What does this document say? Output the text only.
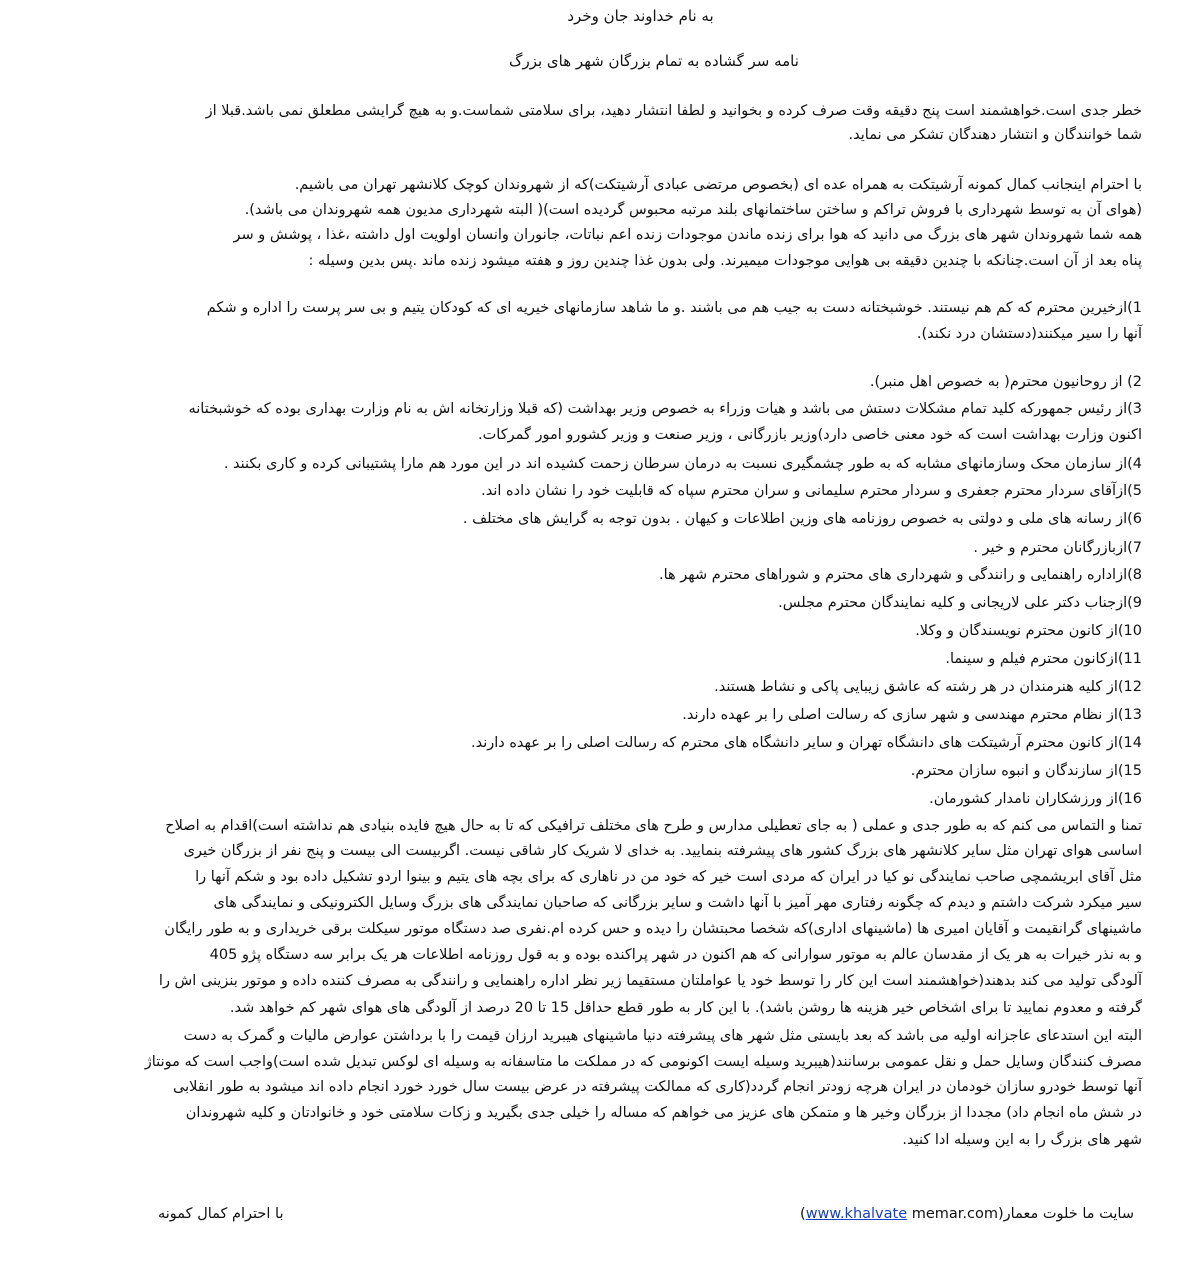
به نام خداوند جان وخرد
نامه سر گشاده به تمام بزرگان شهر های بزرگ
خطر جدی است.خواهشمند است پنج دقیقه وقت صرف کرده و بخوانید و لطفا انتشار دهید، برای سلامتی شماست.و به هیچ گرایشی مطعلق نمی باشد.قبلا از
شما خوانندگان و انتشار دهندگان تشکر می نماید.
با احترام اینجانب کمال کمونه آرشیتکت به همراه عده ای (بخصوص مرتضی عبادی آرشیتکت)که از شهروندان کوچک کلانشهر تهران می باشیم.
(هوای آن به توسط شهرداری با فروش تراکم و ساختن ساختمانهای بلند مرتبه محبوس گردیده است)( البته شهرداری مدیون همه شهروندان می باشد).
همه شما شهروندان شهر های بزرگ می دانید که هوا برای زنده ماندن موجودات زنده اعم نباتات، جانوران وانسان اولویت اول داشته ،غذا ، پوشش و سر
پناه بعد از آن است.چنانکه با چندین دقیقه بی هوایی موجودات میمیرند. ولی بدون غذا چندین روز و هفته میشود زنده ماند .پس بدین وسیله :
1)ازخیرین محترم که کم هم نیستند. خوشبختانه دست به جیب هم می باشند .و ما شاهد سازمانهای خیریه ای که کودکان یتیم و بی سر پرست را اداره و شکم
آنها را سیر میکنند(دستشان درد نکند).
2) از روحانیون محترم( به خصوص اهل منبر).
3)از رئیس جمهورکه کلید تمام مشکلات دستش می باشد و هیات وزراء به خصوص وزیر بهداشت (که قبلا وزارتخانه اش به نام وزارت بهداری بوده که خوشبختانه
اکنون وزارت بهداشت است که خود معنی خاصی دارد)وزیر بازرگانی ، وزیر صنعت و وزیر کشورو امور گمرکات.
4)از سازمان محک وسازمانهای مشابه که به طور چشمگیری نسبت به درمان سرطان زحمت کشیده اند در این مورد هم مارا پشتیبانی کرده و کاری بکنند .
5)ازآقای سردار محترم جعفری و سردار محترم سلیمانی و سران محترم سپاه که قابلیت خود را نشان داده اند.
6)از رسانه های ملی و دولتی به خصوص روزنامه های وزین اطلاعات و کیهان . بدون توجه به گرایش های مختلف .
7)ازبازرگانان محترم و خیر .
8)ازاداره راهنمایی و رانندگی و شهرداری های محترم و شوراهای محترم شهر ها.
9)ازجناب دکتر علی لاریجانی و کلیه نمایندگان محترم مجلس.
10)از کانون محترم نویسندگان و وکلا.
11)ازکانون محترم فیلم و سینما.
12)از کلیه هنرمندان در هر رشته که عاشق زیبایی پاکی و نشاط هستند.
13)از نظام محترم مهندسی و شهر سازی که رسالت اصلی را بر عهده دارند.
14)از کانون محترم آرشیتکت های دانشگاه تهران و سایر دانشگاه های محترم که رسالت اصلی را بر عهده دارند.
15)از سازندگان و انبوه سازان محترم.
16)از ورزشکاران نامدار کشورمان.
تمنا و التماس می کنم که به طور جدی و عملی ( به جای تعطیلی مدارس و طرح های مختلف ترافیکی که تا به حال هیچ فایده بنیادی هم نداشته است)اقدام به اصلاح
اساسی هوای تهران مثل سایر کلانشهر های بزرگ کشور های پیشرفته بنمایید. به خدای لا شریک کار شاقی نیست. اگربیست الی بیست و پنج نفر از بزرگان خیری
مثل آقای ابریشمچی صاحب نمایندگی نو کیا در ایران که مردی است خیر که خود من در ناهاری که برای بچه های یتیم و بینوا اردو تشکیل داده بود و شکم آنها را
سیر میکرد شرکت داشتم و دیدم که چگونه رفتاری مهر آمیز با آنها داشت و سایر بزرگانی که صاحبان نمایندگی های بزرگ وسایل الکترونیکی و نمایندگی های
ماشینهای گرانقیمت و آقایان امیری ها (ماشینهای اداری)که شخصا محبتشان را دیده و حس کرده ام.نفری صد دستگاه موتور سیکلت برقی خریداری و به طور رایگان
و به نذر خیرات به هر یک از مقدسان عالم به موتور سوارانی که هم اکنون در شهر پراکنده بوده و به قول روزنامه اطلاعات هر یک برابر سه دستگاه پژو 405
آلودگی تولید می کند بدهند(خواهشمند است این کار را توسط خود یا عواملتان مستقیما زیر نظر اداره راهنمایی و رانندگی به مصرف کننده داده و موتور بنزینی اش را
گرفته و معدوم نمایید تا برای اشخاص خیر هزینه ها روشن باشد). با این کار به طور قطع حداقل 15 تا 20 درصد از آلودگی های هوای شهر کم خواهد شد.
البته این استدعای عاجزانه اولیه می باشد که بعد بایستی مثل شهر های پیشرفته دنیا ماشینهای هیبرید ارزان قیمت را با برداشتن عوارض مالیات و گمرک به دست
مصرف کنندگان وسایل حمل و نقل عمومی برسانند(هیبرید وسیله ایست اکونومی که در مملکت ما متاسفانه به وسیله ای لوکس تبدیل شده است)واجب است که مونتاژ
آنها توسط خودرو سازان خودمان در ایران هرچه زودتر انجام گردد(کاری که ممالکت پیشرفته در عرض بیست سال خورد خورد انجام داده اند میشود به طور انقلابی
در شش ماه انجام داد) مجددا از بزرگان وخیر ها و متمکن های عزیز می خواهم که مساله را خیلی جدی بگیرید و زکات سلامتی خود و خانوادتان و کلیه شهروندان
شهر های بزرگ را به این وسیله ادا کنید.
با احترام کمال کمونه	سایت ما خلوت معمار(www.khalvate memar.com)
